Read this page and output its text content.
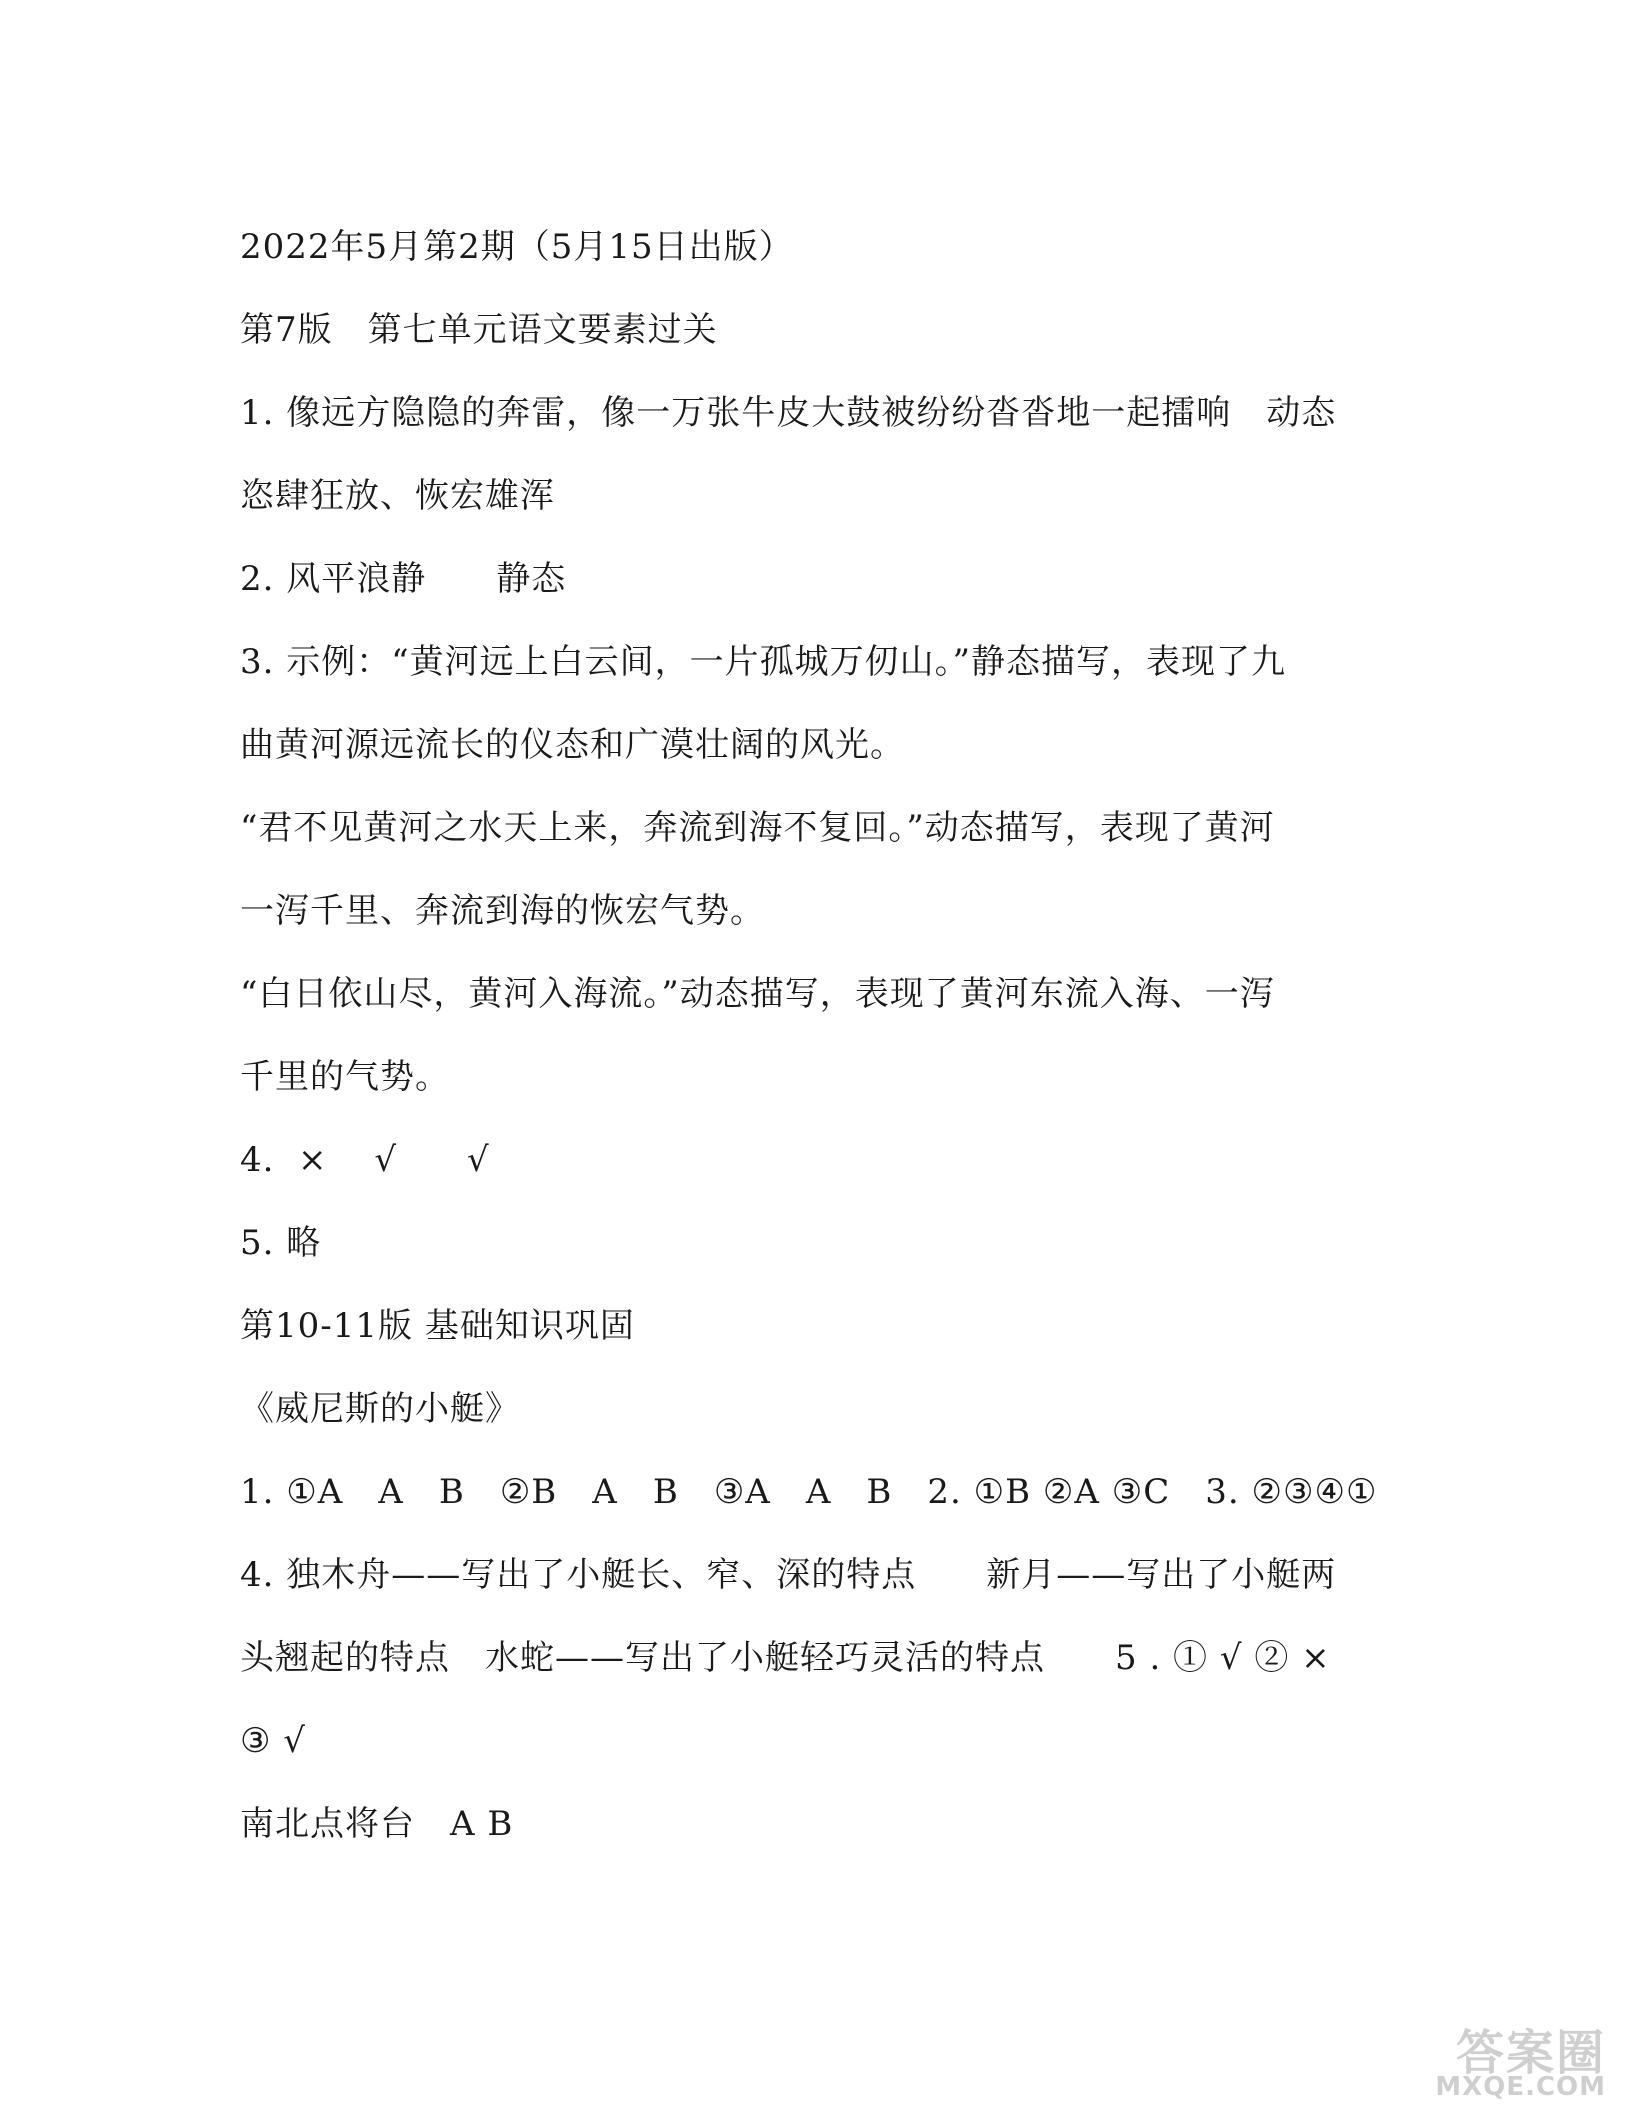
2022年5月第2期（5月15日出版）
第7版　第七单元语文要素过关
1. 像远方隐隐的奔雷，像一万张牛皮大鼓被纷纷沓沓地一起擂响　动态
恣肆狂放、恢宏雄浑
2. 风平浪静　　静态
3. 示例：“黄河远上白云间，一片孤城万仞山。”静态描写，表现了九
曲黄河源远流长的仪态和广漠壮阔的风光。
“君不见黄河之水天上来，奔流到海不复回。”动态描写，表现了黄河
一泻千里、奔流到海的恢宏气势。
“白日依山尽，黄河入海流。”动态描写，表现了黄河东流入海、一泻
千里的气势。
4.  ×　 √　　√
5. 略
第10-11版 基础知识巩固
《威尼斯的小艇》
1. ①A　A　B　②B　A　B　③A　A　B　2. ①B ②A ③C　3. ②③④①
4. 独木舟——写出了小艇长、窄、深的特点　　新月——写出了小艇两
头翘起的特点　水蛇——写出了小艇轻巧灵活的特点　　5 . ① √ ② ×
③ √
南北点将台　A B
答案圈
MXQE.COM
